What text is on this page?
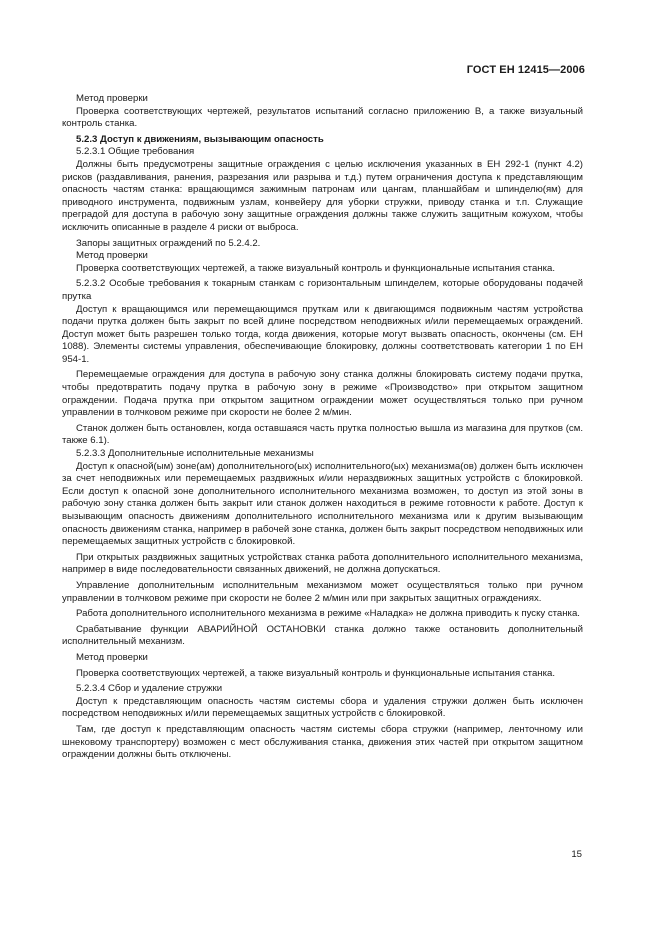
ГОСТ ЕН 12415—2006

Метод проверки

Проверка соответствующих чертежей, результатов испытаний согласно приложению В, а также визуальный контроль станка.

5.2.3 Доступ к движениям, вызывающим опасность

5.2.3.1 Общие требования

Должны быть предусмотрены защитные ограждения с целью исключения указанных в ЕН 292-1 (пункт 4.2) рисков (раздавливания, ранения, разрезания или разрыва и т.д.) путем ограничения доступа к представляющим опасность частям станка: вращающимся зажимным патронам или цангам, планшайбам и шпинделю(ям) для приводного инструмента, подвижным узлам, конвейеру для уборки стружки, приводу станка и т.п. Служащие преградой для доступа в рабочую зону защитные ограждения должны также служить защитным кожухом, чтобы исключить описанные в разделе 4 риски от выброса.

Запоры защитных ограждений по 5.2.4.2.

Метод проверки

Проверка соответствующих чертежей, а также визуальный контроль и функциональные испытания станка.

5.2.3.2 Особые требования к токарным станкам с горизонтальным шпинделем, которые оборудованы подачей прутка

Доступ к вращающимся или перемещающимся пруткам или к двигающимся подвижным частям устройства подачи прутка должен быть закрыт по всей длине посредством неподвижных и/или перемещаемых ограждений. Доступ может быть разрешен только тогда, когда движения, которые могут вызвать опасность, окончены (см. ЕН 1088). Элементы системы управления, обеспечивающие блокировку, должны соответствовать категории 1 по ЕН 954-1.

Перемещаемые ограждения для доступа в рабочую зону станка должны блокировать систему подачи прутка, чтобы предотвратить подачу прутка в рабочую зону в режиме «Производство» при открытом защитном ограждении. Подача прутка при открытом защитном ограждении может осуществляться только при ручном управлении в толчковом режиме при скорости не более 2 м/мин.

Станок должен быть остановлен, когда оставшаяся часть прутка полностью вышла из магазина для прутков (см. также 6.1).

5.2.3.3 Дополнительные исполнительные механизмы

Доступ к опасной(ым) зоне(ам) дополнительного(ых) исполнительного(ых) механизма(ов) должен быть исключен за счет неподвижных или перемещаемых раздвижных и/или нераздвижных защитных устройств с блокировкой. Если доступ к опасной зоне дополнительного исполнительного механизма возможен, то доступ из этой зоны в рабочую зону станка должен быть закрыт или станок должен находиться в режиме готовности к работе. Доступ к вызывающим опасность движениям дополнительного исполнительного механизма или к другим вызывающим опасность движениям станка, например в рабочей зоне станка, должен быть закрыт посредством неподвижных или перемещаемых защитных устройств с блокировкой.

При открытых раздвижных защитных устройствах станка работа дополнительного исполнительного механизма, например в виде последовательности связанных движений, не должна допускаться.

Управление дополнительным исполнительным механизмом может осуществляться только при ручном управлении в толчковом режиме при скорости не более 2 м/мин или при закрытых защитных ограждениях.

Работа дополнительного исполнительного механизма в режиме «Наладка» не должна приводить к пуску станка.

Срабатывание функции АВАРИЙНОЙ ОСТАНОВКИ станка должно также остановить дополнительный исполнительный механизм.

Метод проверки

Проверка соответствующих чертежей, а также визуальный контроль и функциональные испытания станка.

5.2.3.4 Сбор и удаление стружки

Доступ к представляющим опасность частям системы сбора и удаления стружки должен быть исключен посредством неподвижных и/или перемещаемых защитных устройств с блокировкой.

Там, где доступ к представляющим опасность частям системы сбора стружки (например, ленточному или шнековому транспортеру) возможен с мест обслуживания станка, движения этих частей при открытом защитном ограждении должны быть отключены.

15
